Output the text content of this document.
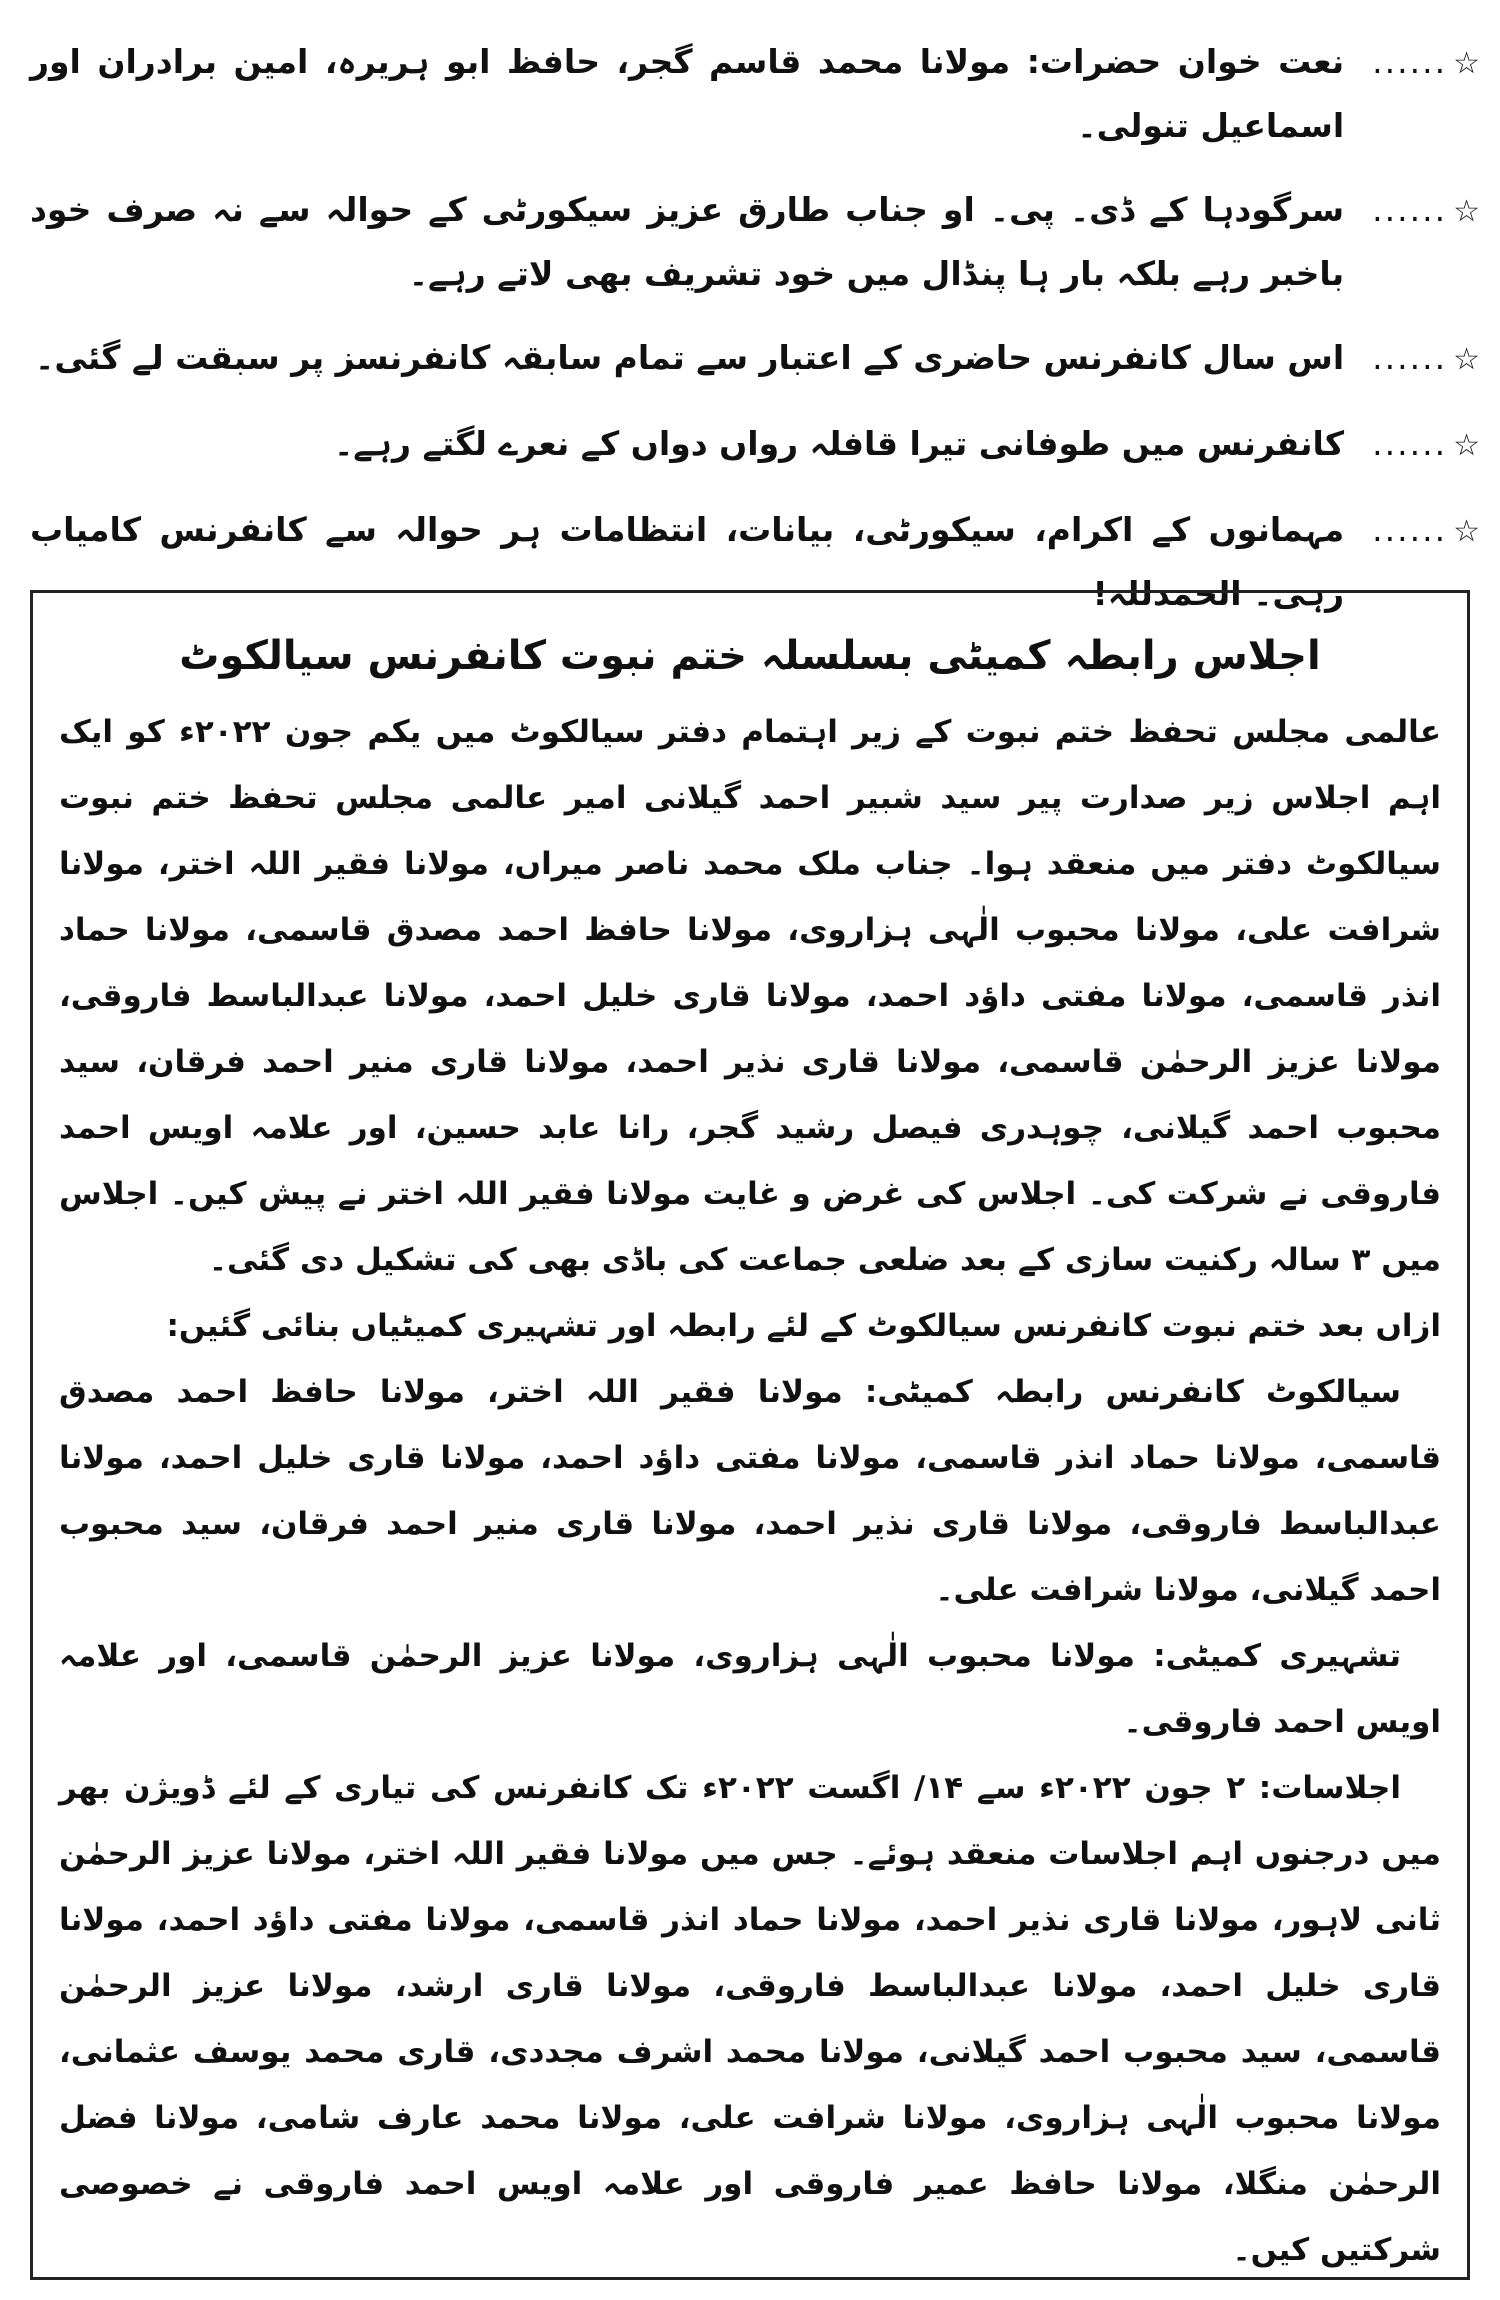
☆......
نعت خوان حضرات: مولانا محمد قاسم گجر، حافظ ابو ہریرہ، امین برادران اور اسماعیل تنولی۔
☆......
سرگودہا کے ڈی۔ پی۔ او جناب طارق عزیز سیکورٹی کے حوالہ سے نہ صرف خود باخبر رہے بلکہ بار ہا پنڈال میں خود تشریف بھی لاتے رہے۔
☆......
اس سال کانفرنس حاضری کے اعتبار سے تمام سابقہ کانفرنسز پر سبقت لے گئی۔
☆......
کانفرنس میں طوفانی تیرا قافلہ رواں دواں کے نعرے لگتے رہے۔
☆......
مہمانوں کے اکرام، سیکورٹی، بیانات، انتظامات ہر حوالہ سے کانفرنس کامیاب رہی۔ الحمدللہ!
اجلاس رابطہ کمیٹی بسلسلہ ختم نبوت کانفرنس سیالکوٹ

عالمی مجلس تحفظ ختم نبوت کے زیر اہتمام دفتر سیالکوٹ میں یکم جون ۲۰۲۲ء کو ایک اہم اجلاس زیر صدارت پیر سید شبیر احمد گیلانی امیر عالمی مجلس تحفظ ختم نبوت سیالکوٹ دفتر میں منعقد ہوا۔ جناب ملک محمد ناصر میراں، مولانا فقیر اللہ اختر، مولانا شرافت علی، مولانا محبوب الٰہی ہزاروی، مولانا حافظ احمد مصدق قاسمی، مولانا حماد انذر قاسمی، مولانا مفتی داؤد احمد، مولانا قاری خلیل احمد، مولانا عبدالباسط فاروقی، مولانا عزیز الرحمٰن قاسمی، مولانا قاری نذیر احمد، مولانا قاری منیر احمد فرقان، سید محبوب احمد گیلانی، چوہدری فیصل رشید گجر، رانا عابد حسین، اور علامہ اویس احمد فاروقی نے شرکت کی۔ اجلاس کی غرض و غایت مولانا فقیر اللہ اختر نے پیش کیں۔ اجلاس میں ۳ سالہ رکنیت سازی کے بعد ضلعی جماعت کی باڈی بھی کی تشکیل دی گئی۔

ازاں بعد ختم نبوت کانفرنس سیالکوٹ کے لئے رابطہ اور تشہیری کمیٹیاں بنائی گئیں:

سیالکوٹ کانفرنس رابطہ کمیٹی: مولانا فقیر اللہ اختر، مولانا حافظ احمد مصدق قاسمی، مولانا حماد انذر قاسمی، مولانا مفتی داؤد احمد، مولانا قاری خلیل احمد، مولانا عبدالباسط فاروقی، مولانا قاری نذیر احمد، مولانا قاری منیر احمد فرقان، سید محبوب احمد گیلانی، مولانا شرافت علی۔

تشہیری کمیٹی: مولانا محبوب الٰہی ہزاروی، مولانا عزیز الرحمٰن قاسمی، اور علامہ اویس احمد فاروقی۔

اجلاسات: ۲ جون ۲۰۲۲ء سے ۱۴/ اگست ۲۰۲۲ء تک کانفرنس کی تیاری کے لئے ڈویژن بھر میں درجنوں اہم اجلاسات منعقد ہوئے۔ جس میں مولانا فقیر اللہ اختر، مولانا عزیز الرحمٰن ثانی لاہور، مولانا قاری نذیر احمد، مولانا حماد انذر قاسمی، مولانا مفتی داؤد احمد، مولانا قاری خلیل احمد، مولانا عبدالباسط فاروقی، مولانا قاری ارشد، مولانا عزیز الرحمٰن قاسمی، سید محبوب احمد گیلانی، مولانا محمد اشرف مجددی، قاری محمد یوسف عثمانی، مولانا محبوب الٰہی ہزاروی، مولانا شرافت علی، مولانا محمد عارف شامی، مولانا فضل الرحمٰن منگلا، مولانا حافظ عمیر فاروقی اور علامہ اویس احمد فاروقی نے خصوصی شرکتیں کیں۔
